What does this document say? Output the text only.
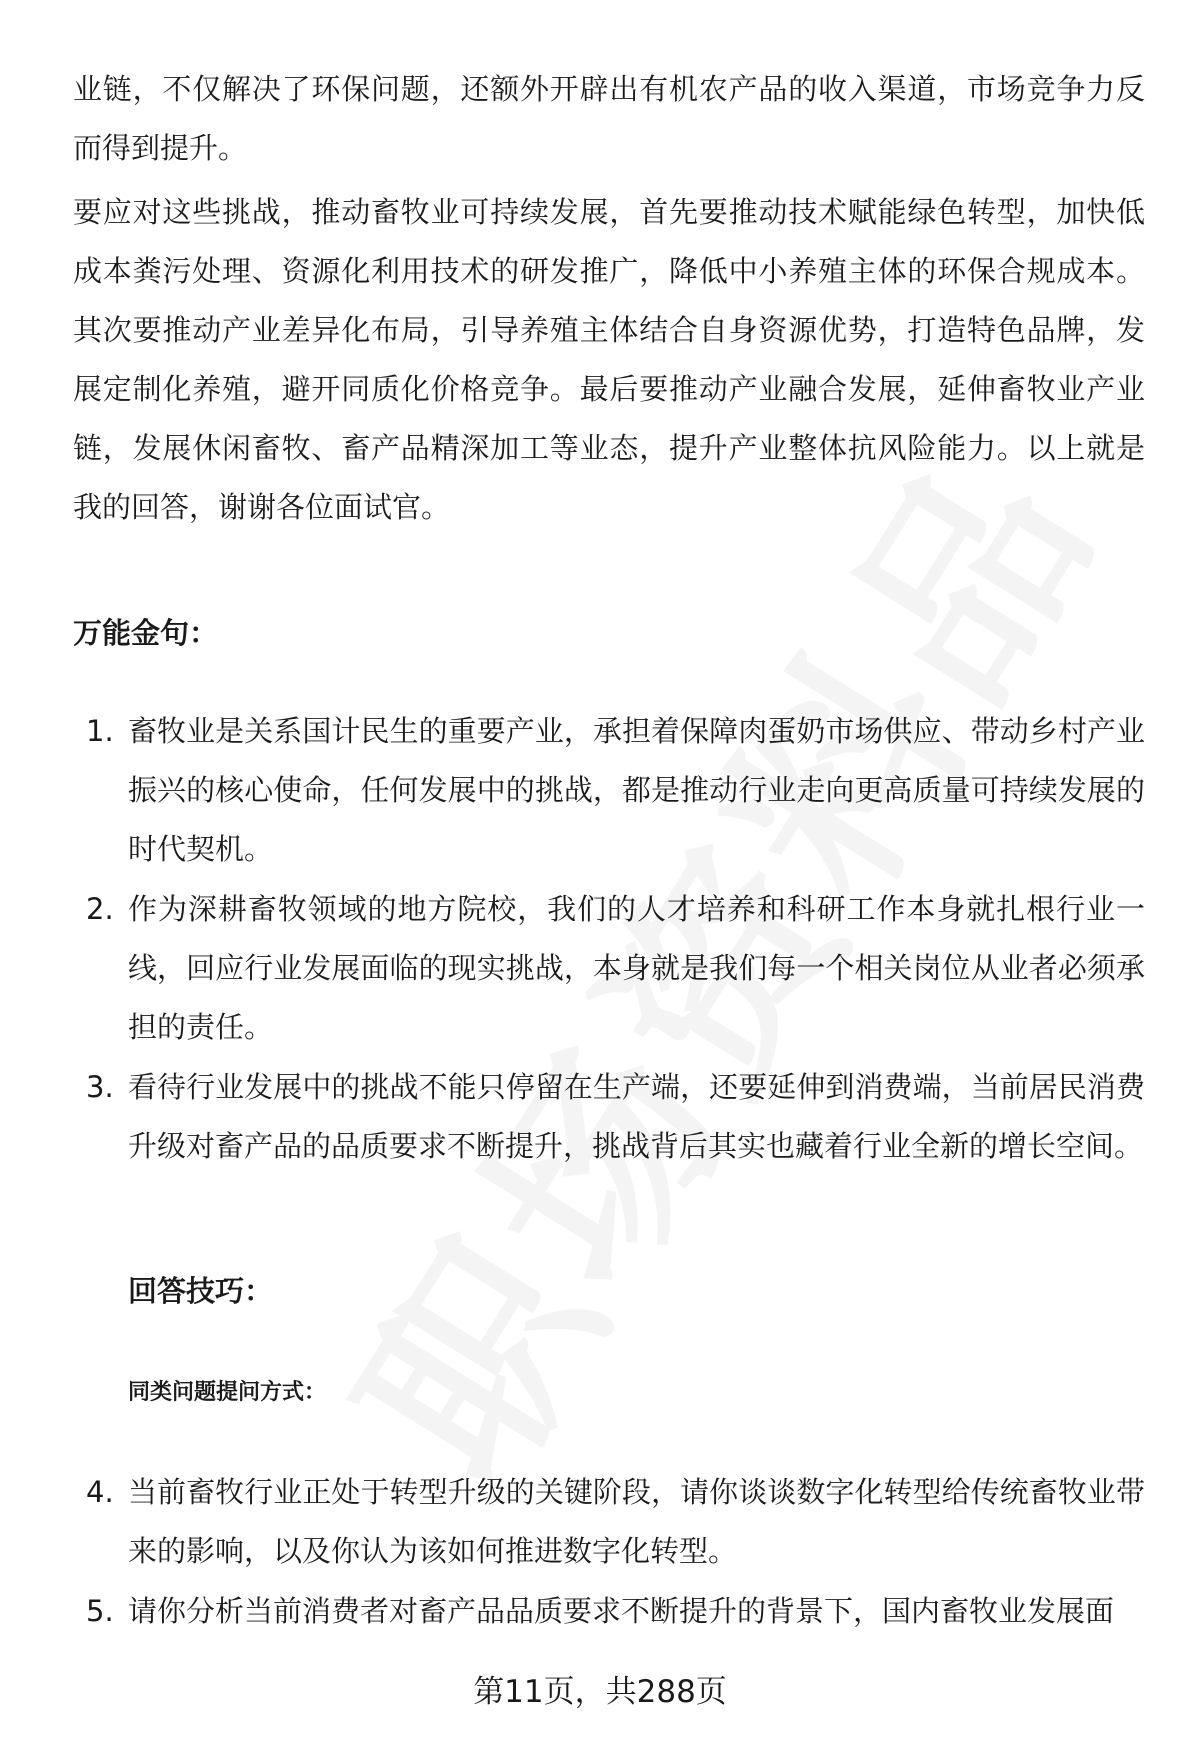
业链，不仅解决了环保问题，还额外开辟出有机农产品的收入渠道，市场竞争力反而得到提升。

要应对这些挑战，推动畜牧业可持续发展，首先要推动技术赋能绿色转型，加快低成本粪污处理、资源化利用技术的研发推广，降低中小养殖主体的环保合规成本。其次要推动产业差异化布局，引导养殖主体结合自身资源优势，打造特色品牌，发展定制化养殖，避开同质化价格竞争。最后要推动产业融合发展，延伸畜牧业产业链，发展休闲畜牧、畜产品精深加工等业态，提升产业整体抗风险能力。以上就是我的回答，谢谢各位面试官。

万能金句：

1. 畜牧业是关系国计民生的重要产业，承担着保障肉蛋奶市场供应、带动乡村产业振兴的核心使命，任何发展中的挑战，都是推动行业走向更高质量可持续发展的时代契机。
2. 作为深耕畜牧领域的地方院校，我们的人才培养和科研工作本身就扎根行业一线，回应行业发展面临的现实挑战，本身就是我们每一个相关岗位从业者必须承担的责任。
3. 看待行业发展中的挑战不能只停留在生产端，还要延伸到消费端，当前居民消费升级对畜产品的品质要求不断提升，挑战背后其实也藏着行业全新的增长空间。

回答技巧：

同类问题提问方式：

4. 当前畜牧行业正处于转型升级的关键阶段，请你谈谈数字化转型给传统畜牧业带来的影响，以及你认为该如何推进数字化转型。
5. 请你分析当前消费者对畜产品品质要求不断提升的背景下，国内畜牧业发展面
第11页，共288页
